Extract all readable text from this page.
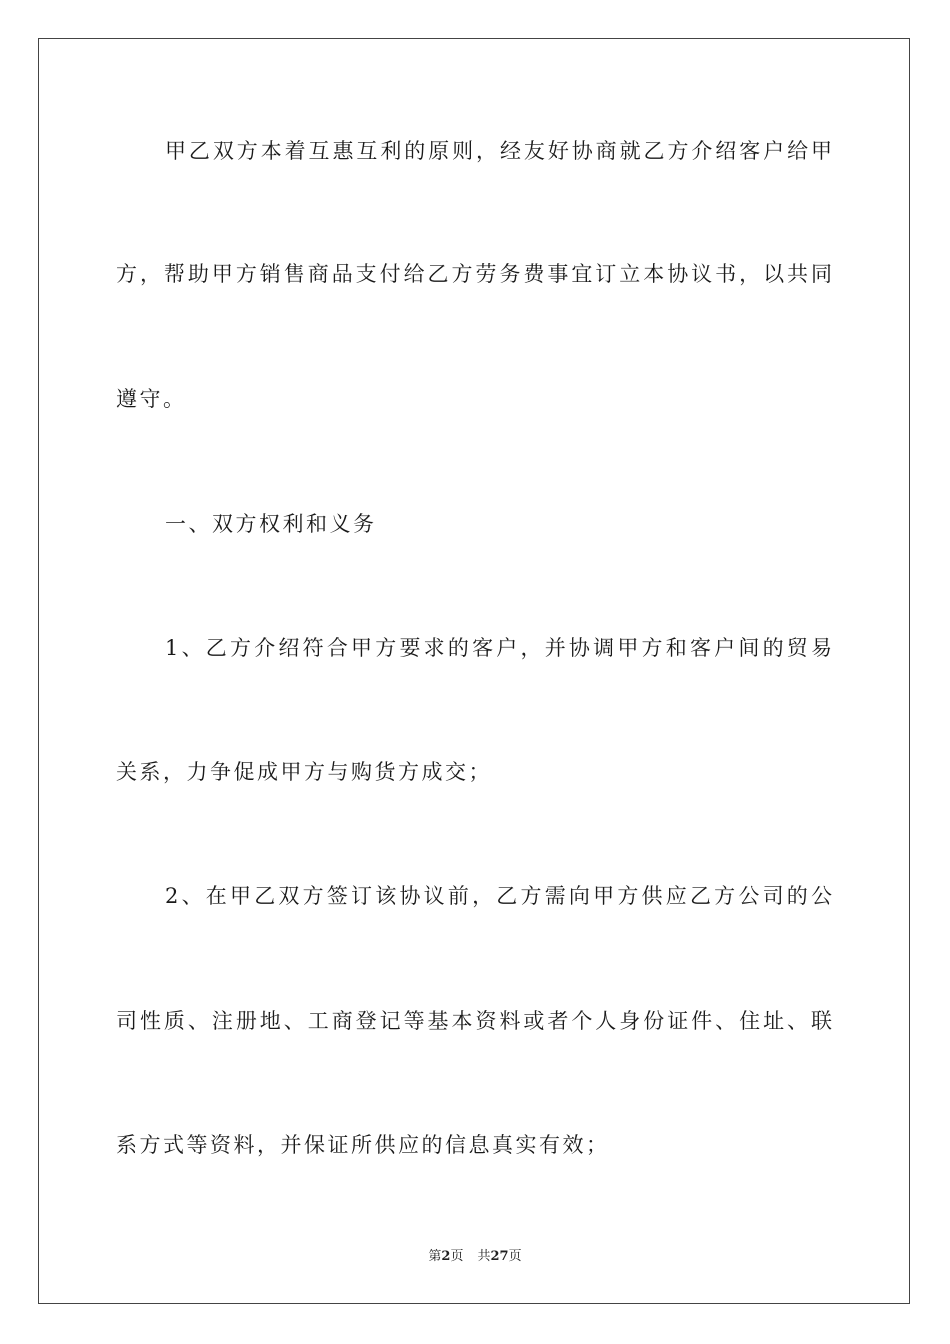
甲乙双方本着互惠互利的原则，经友好协商就乙方介绍客户给甲
方，帮助甲方销售商品支付给乙方劳务费事宜订立本协议书，以共同
遵守。
一、双方权利和义务
1、乙方介绍符合甲方要求的客户，并协调甲方和客户间的贸易
关系，力争促成甲方与购货方成交；
2、在甲乙双方签订该协议前，乙方需向甲方供应乙方公司的公
司性质、注册地、工商登记等基本资料或者个人身份证件、住址、联
系方式等资料，并保证所供应的信息真实有效；
第2页 共27页
